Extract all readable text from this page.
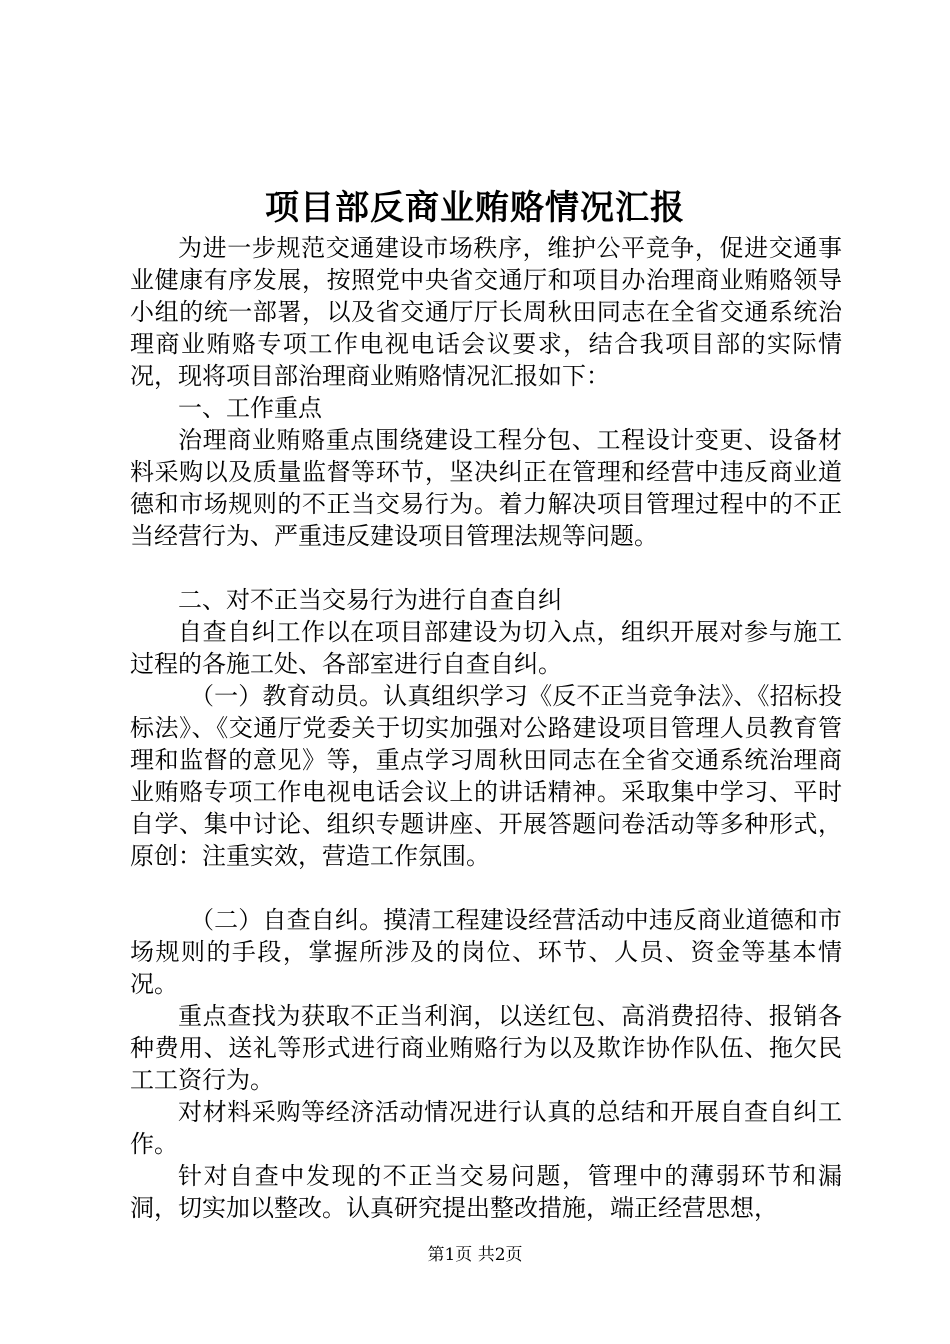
项目部反商业贿赂情况汇报

为进一步规范交通建设市场秩序，维护公平竞争，促进交通事业健康有序发展，按照党中央省交通厅和项目办治理商业贿赂领导小组的统一部署，以及省交通厅厅长周秋田同志在全省交通系统治理商业贿赂专项工作电视电话会议要求，结合我项目部的实际情况，现将项目部治理商业贿赂情况汇报如下：

一、工作重点

治理商业贿赂重点围绕建设工程分包、工程设计变更、设备材料采购以及质量监督等环节，坚决纠正在管理和经营中违反商业道德和市场规则的不正当交易行为。着力解决项目管理过程中的不正当经营行为、严重违反建设项目管理法规等问题。

二、对不正当交易行为进行自查自纠

自查自纠工作以在项目部建设为切入点，组织开展对参与施工过程的各施工处、各部室进行自查自纠。

（一）教育动员。认真组织学习《反不正当竞争法》、《招标投标法》、《交通厅党委关于切实加强对公路建设项目管理人员教育管理和监督的意见》等，重点学习周秋田同志在全省交通系统治理商业贿赂专项工作电视电话会议上的讲话精神。采取集中学习、平时自学、集中讨论、组织专题讲座、开展答题问卷活动等多种形式，原创：注重实效，营造工作氛围。

（二）自查自纠。摸清工程建设经营活动中违反商业道德和市场规则的手段，掌握所涉及的岗位、环节、人员、资金等基本情况。

重点查找为获取不正当利润，以送红包、高消费招待、报销各种费用、送礼等形式进行商业贿赂行为以及欺诈协作队伍、拖欠民工工资行为。

对材料采购等经济活动情况进行认真的总结和开展自查自纠工作。

针对自查中发现的不正当交易问题，管理中的薄弱环节和漏洞，切实加以整改。认真研究提出整改措施，端正经营思想，

第1页 共2页
